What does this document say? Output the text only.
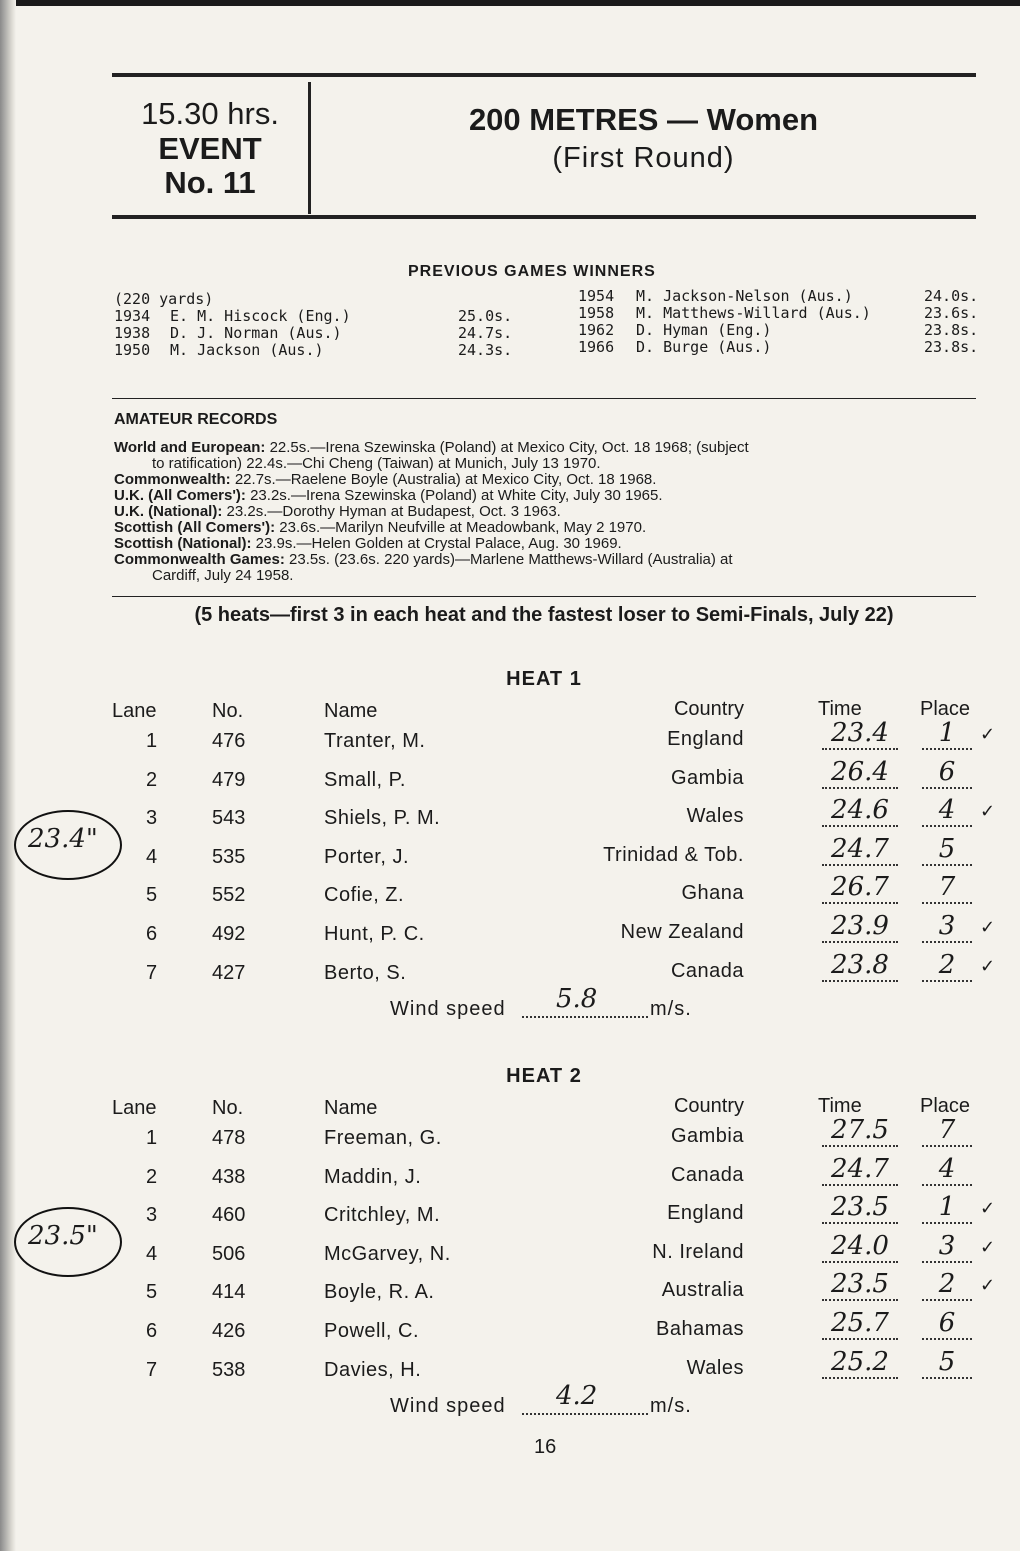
15.30 hrs.
EVENT
No. 11
200 METRES — Women
(First Round)
PREVIOUS GAMES WINNERS
(220 yards)
1934 E. M. Hiscock (Eng.)	25.0s.
1938 D. J. Norman (Aus.)	24.7s.
1950 M. Jackson (Aus.)	24.3s.
1954 M. Jackson-Nelson (Aus.)	24.0s.
1958 M. Matthews-Willard (Aus.)	23.6s.
1962 D. Hyman (Eng.)	23.8s.
1966 D. Burge (Aus.)	23.8s.
AMATEUR RECORDS
World and European: 22.5s.—Irena Szewinska (Poland) at Mexico City, Oct. 18 1968; (subject
to ratification) 22.4s.—Chi Cheng (Taiwan) at Munich, July 13 1970.
Commonwealth: 22.7s.—Raelene Boyle (Australia) at Mexico City, Oct. 18 1968.
U.K. (All Comers'): 23.2s.—Irena Szewinska (Poland) at White City, July 30 1965.
U.K. (National): 23.2s.—Dorothy Hyman at Budapest, Oct. 3 1963.
Scottish (All Comers'): 23.6s.—Marilyn Neufville at Meadowbank, May 2 1970.
Scottish (National): 23.9s.—Helen Golden at Crystal Palace, Aug. 30 1969.
Commonwealth Games: 23.5s. (23.6s. 220 yards)—Marlene Matthews-Willard (Australia) at
Cardiff, July 24 1958.
(5 heats—first 3 in each heat and the fastest loser to Semi-Finals, July 22)
HEAT 1
Lane	No.	Name	Country	Time	Place
1	476	Tranter, M.	England	23.4	1	✓
2	479	Small, P.	Gambia	26.4	6
3	543	Shiels, P. M.	Wales	24.6	4	✓
4	535	Porter, J.	Trinidad & Tob.	24.7	5
5	552	Cofie, Z.	Ghana	26.7	7
6	492	Hunt, P. C.	New Zealand	23.9	3	✓
7	427	Berto, S.	Canada	23.8	2	✓
Wind speed 5.8	m/s.
23.4"
HEAT 2
Lane	No.	Name	Country	Time	Place
1	478	Freeman, G.	Gambia	27.5	7
2	438	Maddin, J.	Canada	24.7	4
3	460	Critchley, M.	England	23.5	1	✓
4	506	McGarvey, N.	N. Ireland	24.0	3	✓
5	414	Boyle, R. A.	Australia	23.5	2	✓
6	426	Powell, C.	Bahamas	25.7	6
7	538	Davies, H.	Wales	25.2	5
Wind speed 4.2	m/s.
23.5"
16
